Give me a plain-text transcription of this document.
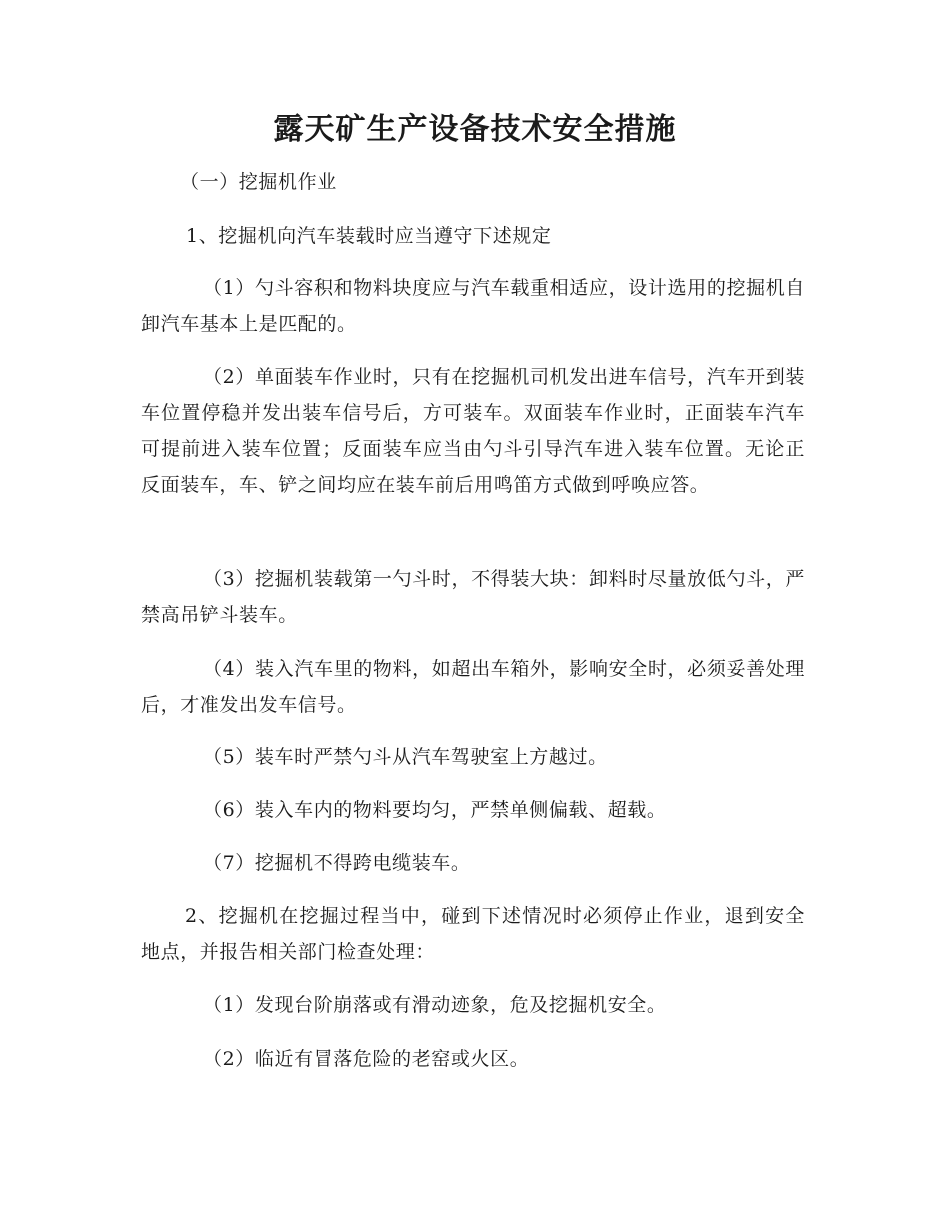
露天矿生产设备技术安全措施

（一）挖掘机作业

1、挖掘机向汽车装载时应当遵守下述规定

（1）勺斗容积和物料块度应与汽车载重相适应，设计选用的挖掘机自卸汽车基本上是匹配的。

（2）单面装车作业时，只有在挖掘机司机发出进车信号，汽车开到装车位置停稳并发出装车信号后，方可装车。双面装车作业时，正面装车汽车可提前进入装车位置；反面装车应当由勺斗引导汽车进入装车位置。无论正反面装车，车、铲之间均应在装车前后用鸣笛方式做到呼唤应答。

（3）挖掘机装载第一勺斗时，不得装大块：卸料时尽量放低勺斗，严禁高吊铲斗装车。

（4）装入汽车里的物料，如超出车箱外，影响安全时，必须妥善处理后，才准发出发车信号。

（5）装车时严禁勺斗从汽车驾驶室上方越过。

（6）装入车内的物料要均匀，严禁单侧偏载、超载。

（7）挖掘机不得跨电缆装车。

2、挖掘机在挖掘过程当中，碰到下述情况时必须停止作业，退到安全地点，并报告相关部门检查处理：

（1）发现台阶崩落或有滑动迹象，危及挖掘机安全。

（2）临近有冒落危险的老窑或火区。
